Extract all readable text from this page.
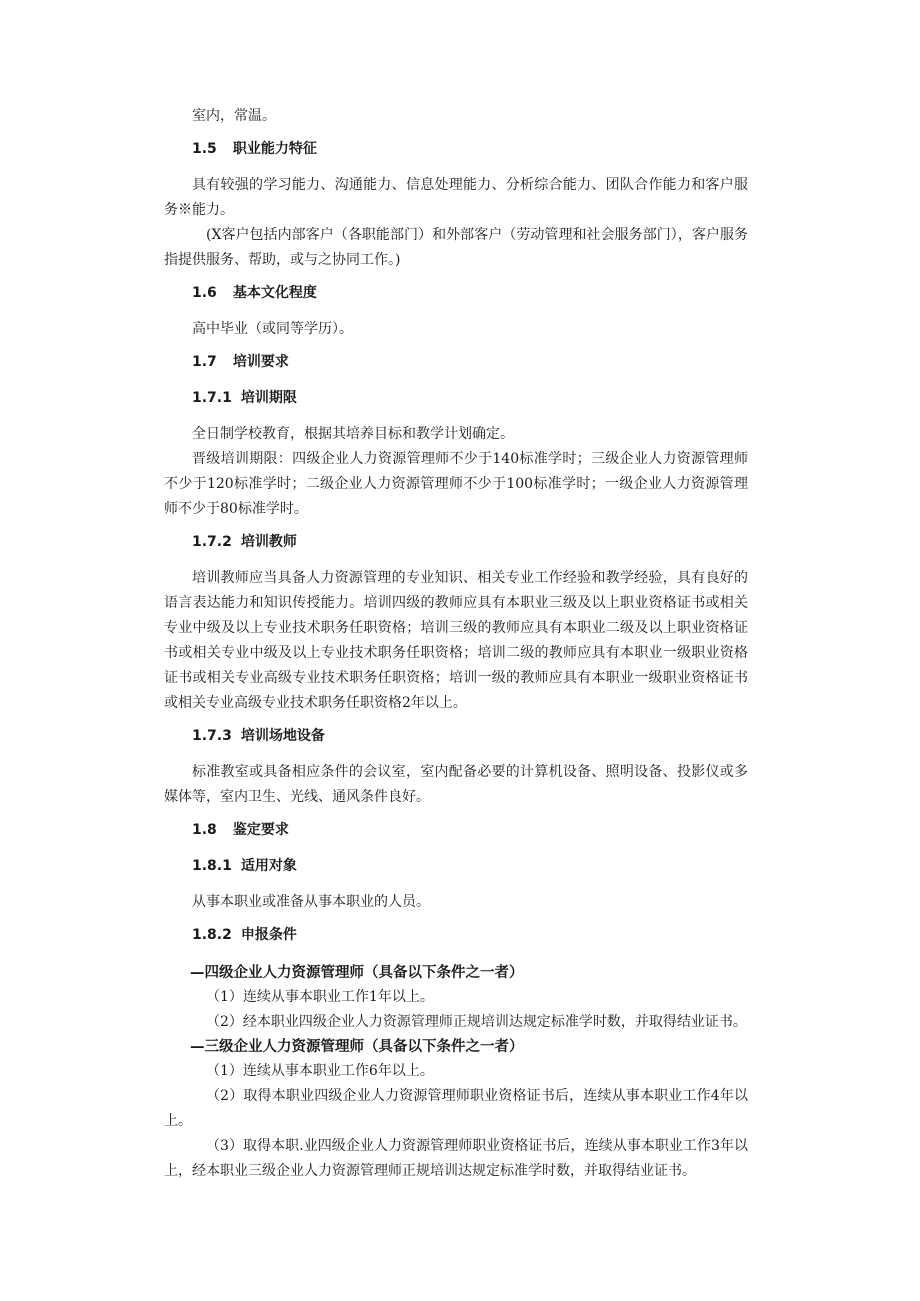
室内，常温。

1.5 职业能力特征

具有较强的学习能力、沟通能力、信息处理能力、分析综合能力、团队合作能力和客户服务※能力。

(X客户包括内部客户（各职能部门）和外部客户（劳动管理和社会服务部门），客户服务指提供服务、帮助，或与之协同工作。)

1.6 基本文化程度

高中毕业（或同等学历）。

1.7 培训要求
1.7.1 培训期限

全日制学校教育，根据其培养目标和教学计划确定。

晋级培训期限：四级企业人力资源管理师不少于140标准学时；三级企业人力资源管理师不少于120标准学时；二级企业人力资源管理师不少于100标准学时；一级企业人力资源管理师不少于80标准学时。

1.7.2 培训教师

培训教师应当具备人力资源管理的专业知识、相关专业工作经验和教学经验，具有良好的语言表达能力和知识传授能力。培训四级的教师应具有本职业三级及以上职业资格证书或相关专业中级及以上专业技术职务任职资格；培训三级的教师应具有本职业二级及以上职业资格证书或相关专业中级及以上专业技术职务任职资格；培训二级的教师应具有本职业一级职业资格证书或相关专业高级专业技术职务任职资格；培训一级的教师应具有本职业一级职业资格证书或相关专业高级专业技术职务任职资格2年以上。

1.7.3 培训场地设备

标准教室或具备相应条件的会议室，室内配备必要的计算机设备、照明设备、投影仪或多媒体等，室内卫生、光线、通风条件良好。

1.8 鉴定要求
1.8.1 适用对象

从事本职业或准备从事本职业的人员。

1.8.2 申报条件

—四级企业人力资源管理师（具备以下条件之一者）

（1）连续从事本职业工作1年以上。

（2）经本职业四级企业人力资源管理师正规培训达规定标准学时数，并取得结业证书。

—三级企业人力资源管理师（具备以下条件之一者）

（1）连续从事本职业工作6年以上。

（2）取得本职业四级企业人力资源管理师职业资格证书后，连续从事本职业工作4年以上。

（3）取得本职.业四级企业人力资源管理师职业资格证书后，连续从事本职业工作3年以上，经本职业三级企业人力资源管理师正规培训达规定标准学时数，并取得结业证书。
